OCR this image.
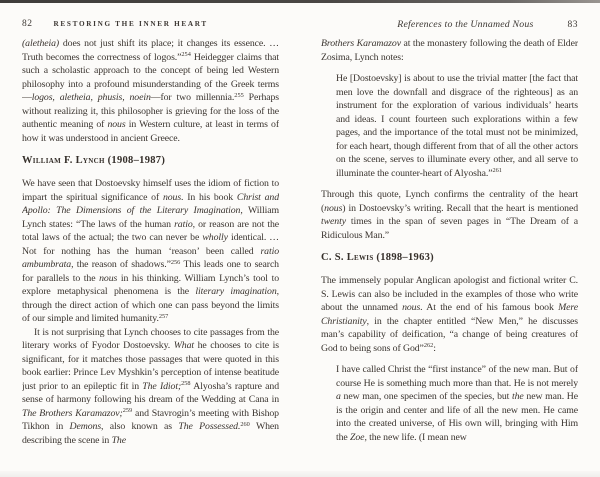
82	RESTORING THE INNER HEART

(aletheia) does not just shift its place; it changes its essence. … Truth becomes the correctness of logos.”$^{254}$ Heidegger claims that such a scholastic approach to the concept of being led Western philosophy into a profound misunderstanding of the Greek terms—logos, aletheia, phusis, noein—for two millennia.$^{255}$ Perhaps without realizing it, this philosopher is grieving for the loss of the authentic meaning of nous in Western culture, at least in terms of how it was understood in ancient Greece.

William F. Lynch (1908–1987)

We have seen that Dostoevsky himself uses the idiom of fiction to impart the spiritual significance of nous. In his book Christ and Apollo: The Dimensions of the Literary Imagination, William Lynch states: “The laws of the human ratio, or reason are not the total laws of the actual; the two can never be wholly identical. … Not for nothing has the human ‘reason’ been called ratio ambumbrata, the reason of shadows.”$^{256}$ This leads one to search for parallels to the nous in his thinking. William Lynch’s tool to explore metaphysical phenomena is the literary imagination, through the direct action of which one can pass beyond the limits of our simple and limited humanity.$^{257}$

It is not surprising that Lynch chooses to cite passages from the literary works of Fyodor Dostoevsky. What he chooses to cite is significant, for it matches those passages that were quoted in this book earlier: Prince Lev Myshkin’s perception of intense beatitude just prior to an epileptic fit in The Idiot;$^{258}$ Alyosha’s rapture and sense of harmony following his dream of the Wedding at Cana in The Brothers Karamazov;$^{259}$ and Stavrogin’s meeting with Bishop Tikhon in Demons, also known as The Possessed.$^{260}$ When describing the scene in The

References to the Unnamed Nous	83

Brothers Karamazov at the monastery following the death of Elder Zosima, Lynch notes:

He [Dostoevsky] is about to use the trivial matter [the fact that men love the downfall and disgrace of the righteous] as an instrument for the exploration of various individuals’ hearts and ideas. I count fourteen such explorations within a few pages, and the importance of the total must not be minimized, for each heart, though different from that of all the other actors on the scene, serves to illuminate every other, and all serve to illuminate the counter-heart of Alyosha.”$^{261}$

Through this quote, Lynch confirms the centrality of the heart (nous) in Dostoevsky’s writing. Recall that the heart is mentioned twenty times in the span of seven pages in “The Dream of a Ridiculous Man.”

C. S. Lewis (1898–1963)

The immensely popular Anglican apologist and fictional writer C. S. Lewis can also be included in the examples of those who write about the unnamed nous. At the end of his famous book Mere Christianity, in the chapter entitled “New Men,” he discusses man’s capability of deification, “a change of being creatures of God to being sons of God”$^{262}$:

I have called Christ the “first instance” of the new man. But of course He is something much more than that. He is not merely a new man, one specimen of the species, but the new man. He is the origin and center and life of all the new men. He came into the created universe, of His own will, bringing with Him the Zoe, the new life. (I mean new
